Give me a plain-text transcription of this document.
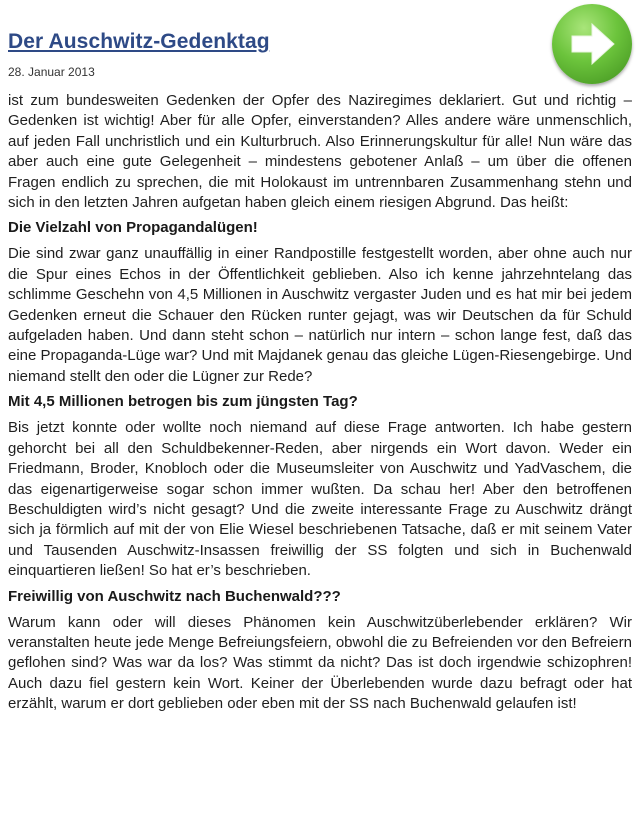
Der Auschwitz-Gedenktag
28. Januar 2013

ist zum bundesweiten Gedenken der Opfer des Naziregimes deklariert. Gut und richtig – Gedenken ist wichtig! Aber für alle Opfer, einverstanden? Alles andere wäre unmenschlich, auf jeden Fall unchristlich und ein Kulturbruch. Also Erinnerungskultur für alle! Nun wäre das aber auch eine gute Gelegenheit – mindestens gebotener Anlaß – um über die offenen Fragen endlich zu sprechen, die mit Holokaust im untrennbaren Zusammenhang stehn und sich in den letzten Jahren aufgetan haben gleich einem riesigen Abgrund. Das heißt:

Die Vielzahl von Propagandalügen!

Die sind zwar ganz unauffällig in einer Randpostille festgestellt worden, aber ohne auch nur die Spur eines Echos in der Öffentlichkeit geblieben. Also ich kenne jahrzehntelang das schlimme Geschehn von 4,5 Millionen in Auschwitz vergaster Juden und es hat mir bei jedem Gedenken erneut die Schauer den Rücken runter gejagt, was wir Deutschen da für Schuld aufgeladen haben. Und dann steht schon – natürlich nur intern – schon lange fest, daß das eine Propaganda-Lüge war? Und mit Majdanek genau das gleiche Lügen-Riesengebirge. Und niemand stellt den oder die Lügner zur Rede?

Mit 4,5 Millionen betrogen bis zum jüngsten Tag?

Bis jetzt konnte oder wollte noch niemand auf diese Frage antworten. Ich habe gestern gehorcht bei all den Schuldbekenner-Reden, aber nirgends ein Wort davon. Weder ein Friedmann, Broder, Knobloch oder die Museumsleiter von Auschwitz und YadVaschem, die das eigenartigerweise sogar schon immer wußten. Da schau her! Aber den betroffenen Beschuldigten wird’s nicht gesagt? Und die zweite interessante Frage zu Auschwitz drängt sich ja förmlich auf mit der von Elie Wiesel beschriebenen Tatsache, daß er mit seinem Vater und Tausenden Auschwitz-Insassen freiwillig der SS folgten und sich in Buchenwald einquartieren ließen! So hat er’s beschrieben.

Freiwillig von Auschwitz nach Buchenwald???

Warum kann oder will dieses Phänomen kein Auschwitzüberlebender erklären? Wir veranstalten heute jede Menge Befreiungsfeiern, obwohl die zu Befreienden vor den Befreiern geflohen sind? Was war da los? Was stimmt da nicht? Das ist doch irgendwie schizophren! Auch dazu fiel gestern kein Wort. Keiner der Überlebenden wurde dazu befragt oder hat erzählt, warum er dort geblieben oder eben mit der SS nach Buchenwald gelaufen ist!
